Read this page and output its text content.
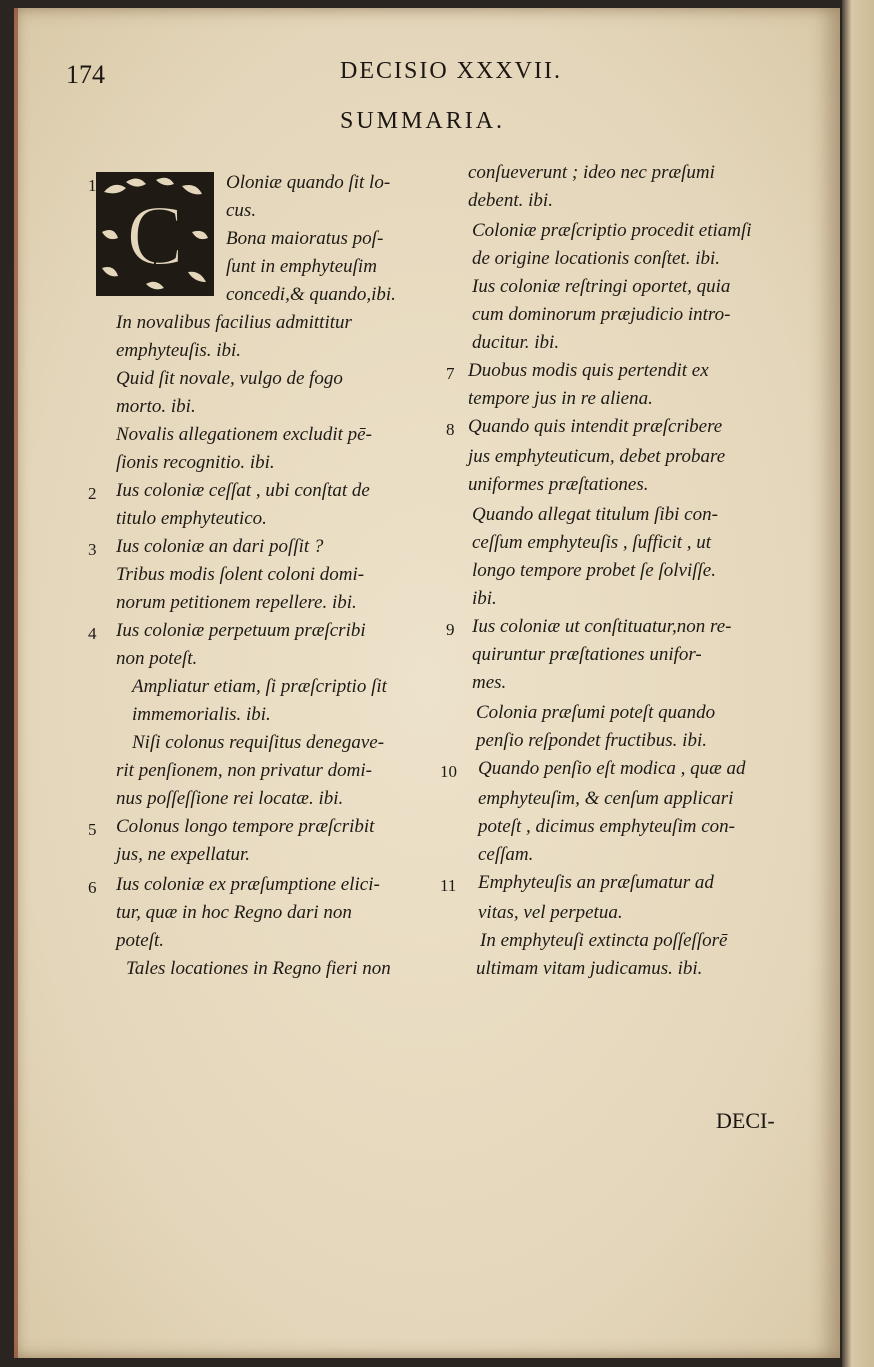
174	DECISIO XXXVII.
SUMMARIA.
C
Oloniæ quando ſit lo-
1
cus.
Bona maioratus poſ-
ſunt in emphyteuſim
concedi,& quando,ibi.
In novalibus facilius admittitur
emphyteuſis. ibi.
Quid ſit novale, vulgo de fogo
morto. ibi.
Novalis allegationem excludit pē-
ſionis recognitio. ibi.
Ius coloniæ ceſſat , ubi conſtat de
2
titulo emphyteutico.
Ius coloniæ an dari poſſit ?
3
Tribus modis ſolent coloni domi-
norum petitionem repellere. ibi.
Ius coloniæ perpetuum præſcribi
4
non poteſt.
Ampliatur etiam, ſi præſcriptio ſit
immemorialis. ibi.
Niſi colonus requiſitus denegave-
rit penſionem, non privatur domi-
nus poſſeſſione rei locatæ. ibi.
Colonus longo tempore præſcribit
5
jus, ne expellatur.
Ius coloniæ ex præſumptione elici-
6
tur, quæ in hoc Regno dari non
poteſt.
Tales locationes in Regno fieri non
conſueverunt ; ideo nec præſumi
debent. ibi.
Coloniæ præſcriptio procedit etiamſi
de origine locationis conſtet. ibi.
Ius coloniæ reſtringi oportet, quia
cum dominorum præjudicio intro-
ducitur. ibi.
Duobus modis quis pertendit ex
7
tempore jus in re aliena.
Quando quis intendit præſcribere
8
jus emphyteuticum, debet probare
uniformes præſtationes.
Quando allegat titulum ſibi con-
ceſſum emphyteuſis , ſufficit , ut
longo tempore probet ſe ſolviſſe.
ibi.
Ius coloniæ ut conſtituatur,non re-
9
quiruntur præſtationes unifor-
mes.
Colonia præſumi poteſt quando
penſio reſpondet fructibus. ibi.
Quando penſio eſt modica , quæ ad
10
emphyteuſim, & cenſum applicari
poteſt , dicimus emphyteuſim con-
ceſſam.
Emphyteuſis an præſumatur ad
11
vitas, vel perpetua.
In emphyteuſi extincta poſſeſſorē
ultimam vitam judicamus. ibi.
DECI-
